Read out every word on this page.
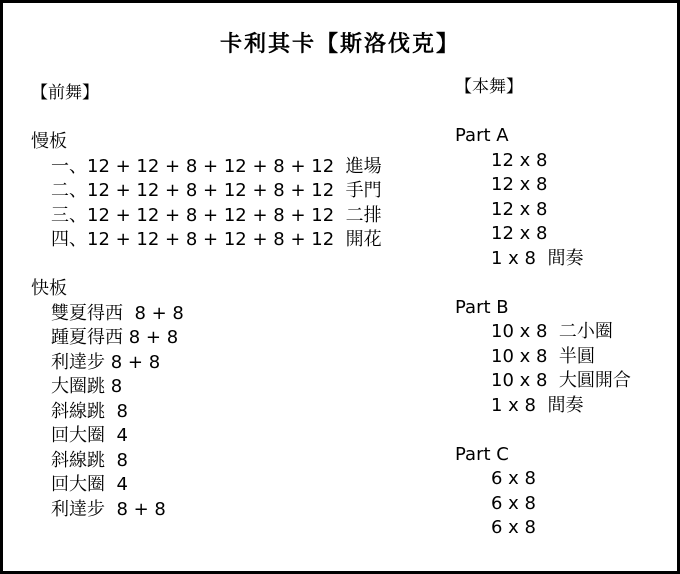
卡利其卡【斯洛伐克】
【前舞】
慢板
一、12 + 12 + 8 + 12 + 8 + 12  進場
二、12 + 12 + 8 + 12 + 8 + 12  手門
三、12 + 12 + 8 + 12 + 8 + 12  二排
四、12 + 12 + 8 + 12 + 8 + 12  開花
快板
雙夏得西  8 + 8
踵夏得西 8 + 8
利達步 8 + 8
大圈跳 8
斜線跳  8
回大圈  4
斜線跳  8
回大圈  4
利達步  8 + 8
【本舞】
Part A
12 x 8
12 x 8
12 x 8
12 x 8
1 x 8  間奏
Part B
10 x 8  二小圈
10 x 8  半圓
10 x 8  大圓開合
1 x 8  間奏
Part C
6 x 8
6 x 8
6 x 8
